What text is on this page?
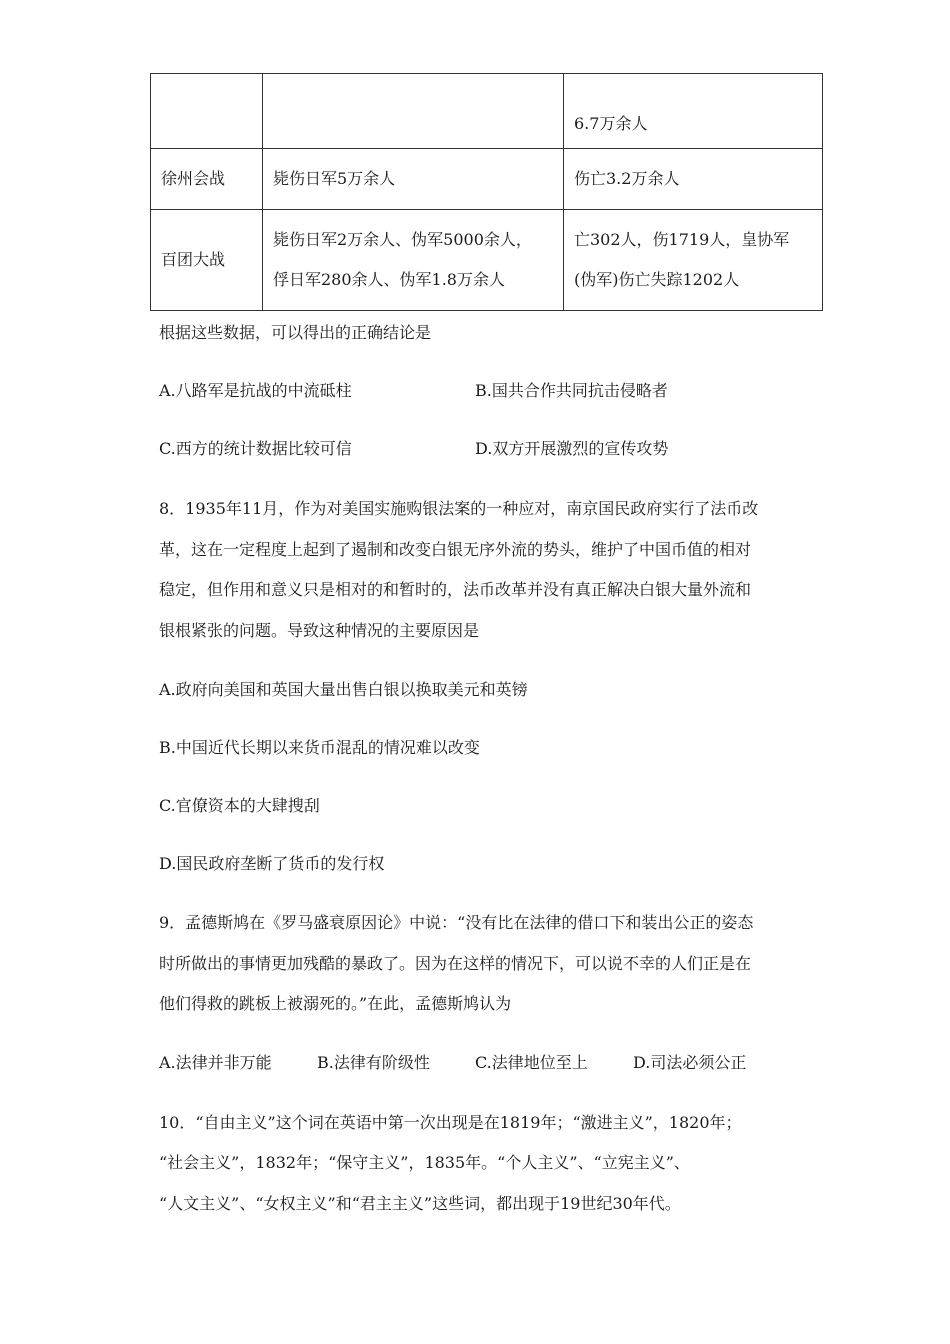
		6.7万余人

徐州会战	毙伤日军5万余人	伤亡3.2万余人

百团大战	毙伤日军2万余人、伪军5000余人，
俘日军280余人、伪军1.8万余人	亡302人，伤1719人，皇协军
(伪军)伤亡失踪1202人
根据这些数据，可以得出的正确结论是
A.八路军是抗战的中流砥柱	B.国共合作共同抗击侵略者
C.西方的统计数据比较可信	D.双方开展激烈的宣传攻势
8．1935年11月，作为对美国实施购银法案的一种应对，南京国民政府实行了法币改
革，这在一定程度上起到了遏制和改变白银无序外流的势头，维护了中国币值的相对
稳定，但作用和意义只是相对的和暂时的，法币改革并没有真正解决白银大量外流和
银根紧张的问题。导致这种情况的主要原因是
A.政府向美国和英国大量出售白银以换取美元和英镑
B.中国近代长期以来货币混乱的情况难以改变
C.官僚资本的大肆搜刮
D.国民政府垄断了货币的发行权
9．孟德斯鸠在《罗马盛衰原因论》中说：“没有比在法律的借口下和装出公正的姿态
时所做出的事情更加残酷的暴政了。因为在这样的情况下，可以说不幸的人们正是在
他们得救的跳板上被溺死的。”在此，孟德斯鸠认为
A.法律并非万能	B.法律有阶级性	C.法律地位至上	D.司法必须公正
10．“自由主义”这个词在英语中第一次出现是在1819年；“激进主义”，1820年；
“社会主义”，1832年；“保守主义”，1835年。“个人主义”、“立宪主义”、
“人文主义”、“女权主义”和“君主主义”这些词，都出现于19世纪30年代。
